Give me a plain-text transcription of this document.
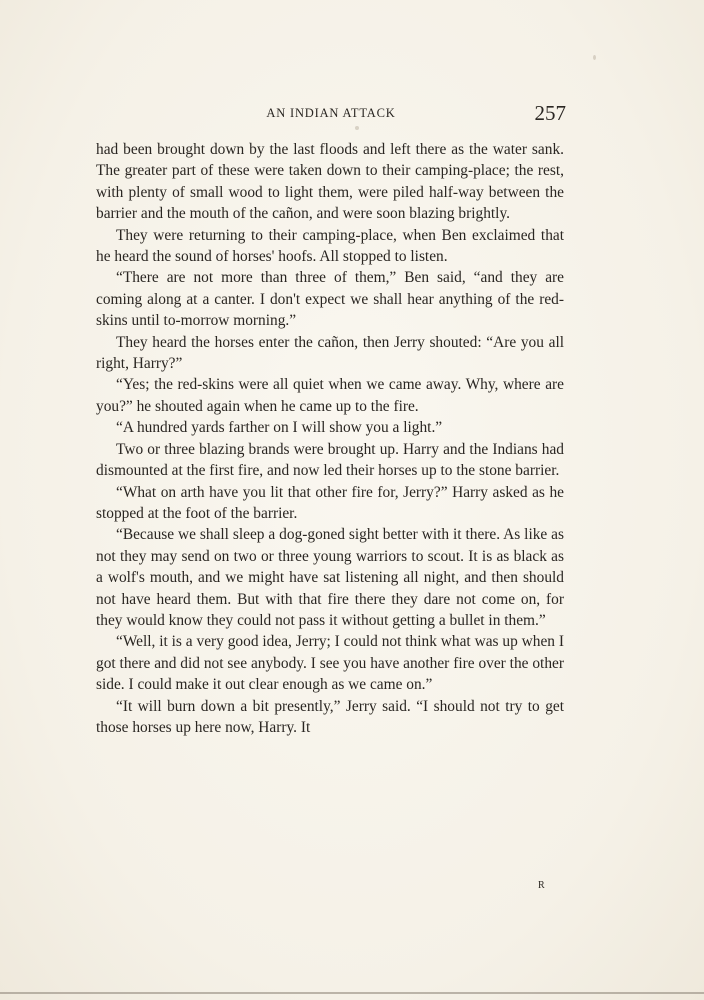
AN INDIAN ATTACK	257

had been brought down by the last floods and left there as the water sank. The greater part of these were taken down to their camping-place; the rest, with plenty of small wood to light them, were piled half-way between the barrier and the mouth of the cañon, and were soon blazing brightly.

They were returning to their camping-place, when Ben exclaimed that he heard the sound of horses' hoofs. All stopped to listen.

“There are not more than three of them,” Ben said, “and they are coming along at a canter. I don't expect we shall hear anything of the red-skins until to-morrow morning.”

They heard the horses enter the cañon, then Jerry shouted: “Are you all right, Harry?”

“Yes; the red-skins were all quiet when we came away. Why, where are you?” he shouted again when he came up to the fire.

“A hundred yards farther on I will show you a light.”

Two or three blazing brands were brought up. Harry and the Indians had dismounted at the first fire, and now led their horses up to the stone barrier.

“What on arth have you lit that other fire for, Jerry?” Harry asked as he stopped at the foot of the barrier.

“Because we shall sleep a dog-goned sight better with it there. As like as not they may send on two or three young warriors to scout. It is as black as a wolf's mouth, and we might have sat listening all night, and then should not have heard them. But with that fire there they dare not come on, for they would know they could not pass it without getting a bullet in them.”

“Well, it is a very good idea, Jerry; I could not think what was up when I got there and did not see anybody. I see you have another fire over the other side. I could make it out clear enough as we came on.”

“It will burn down a bit presently,” Jerry said. “I should not try to get those horses up here now, Harry. It

R
